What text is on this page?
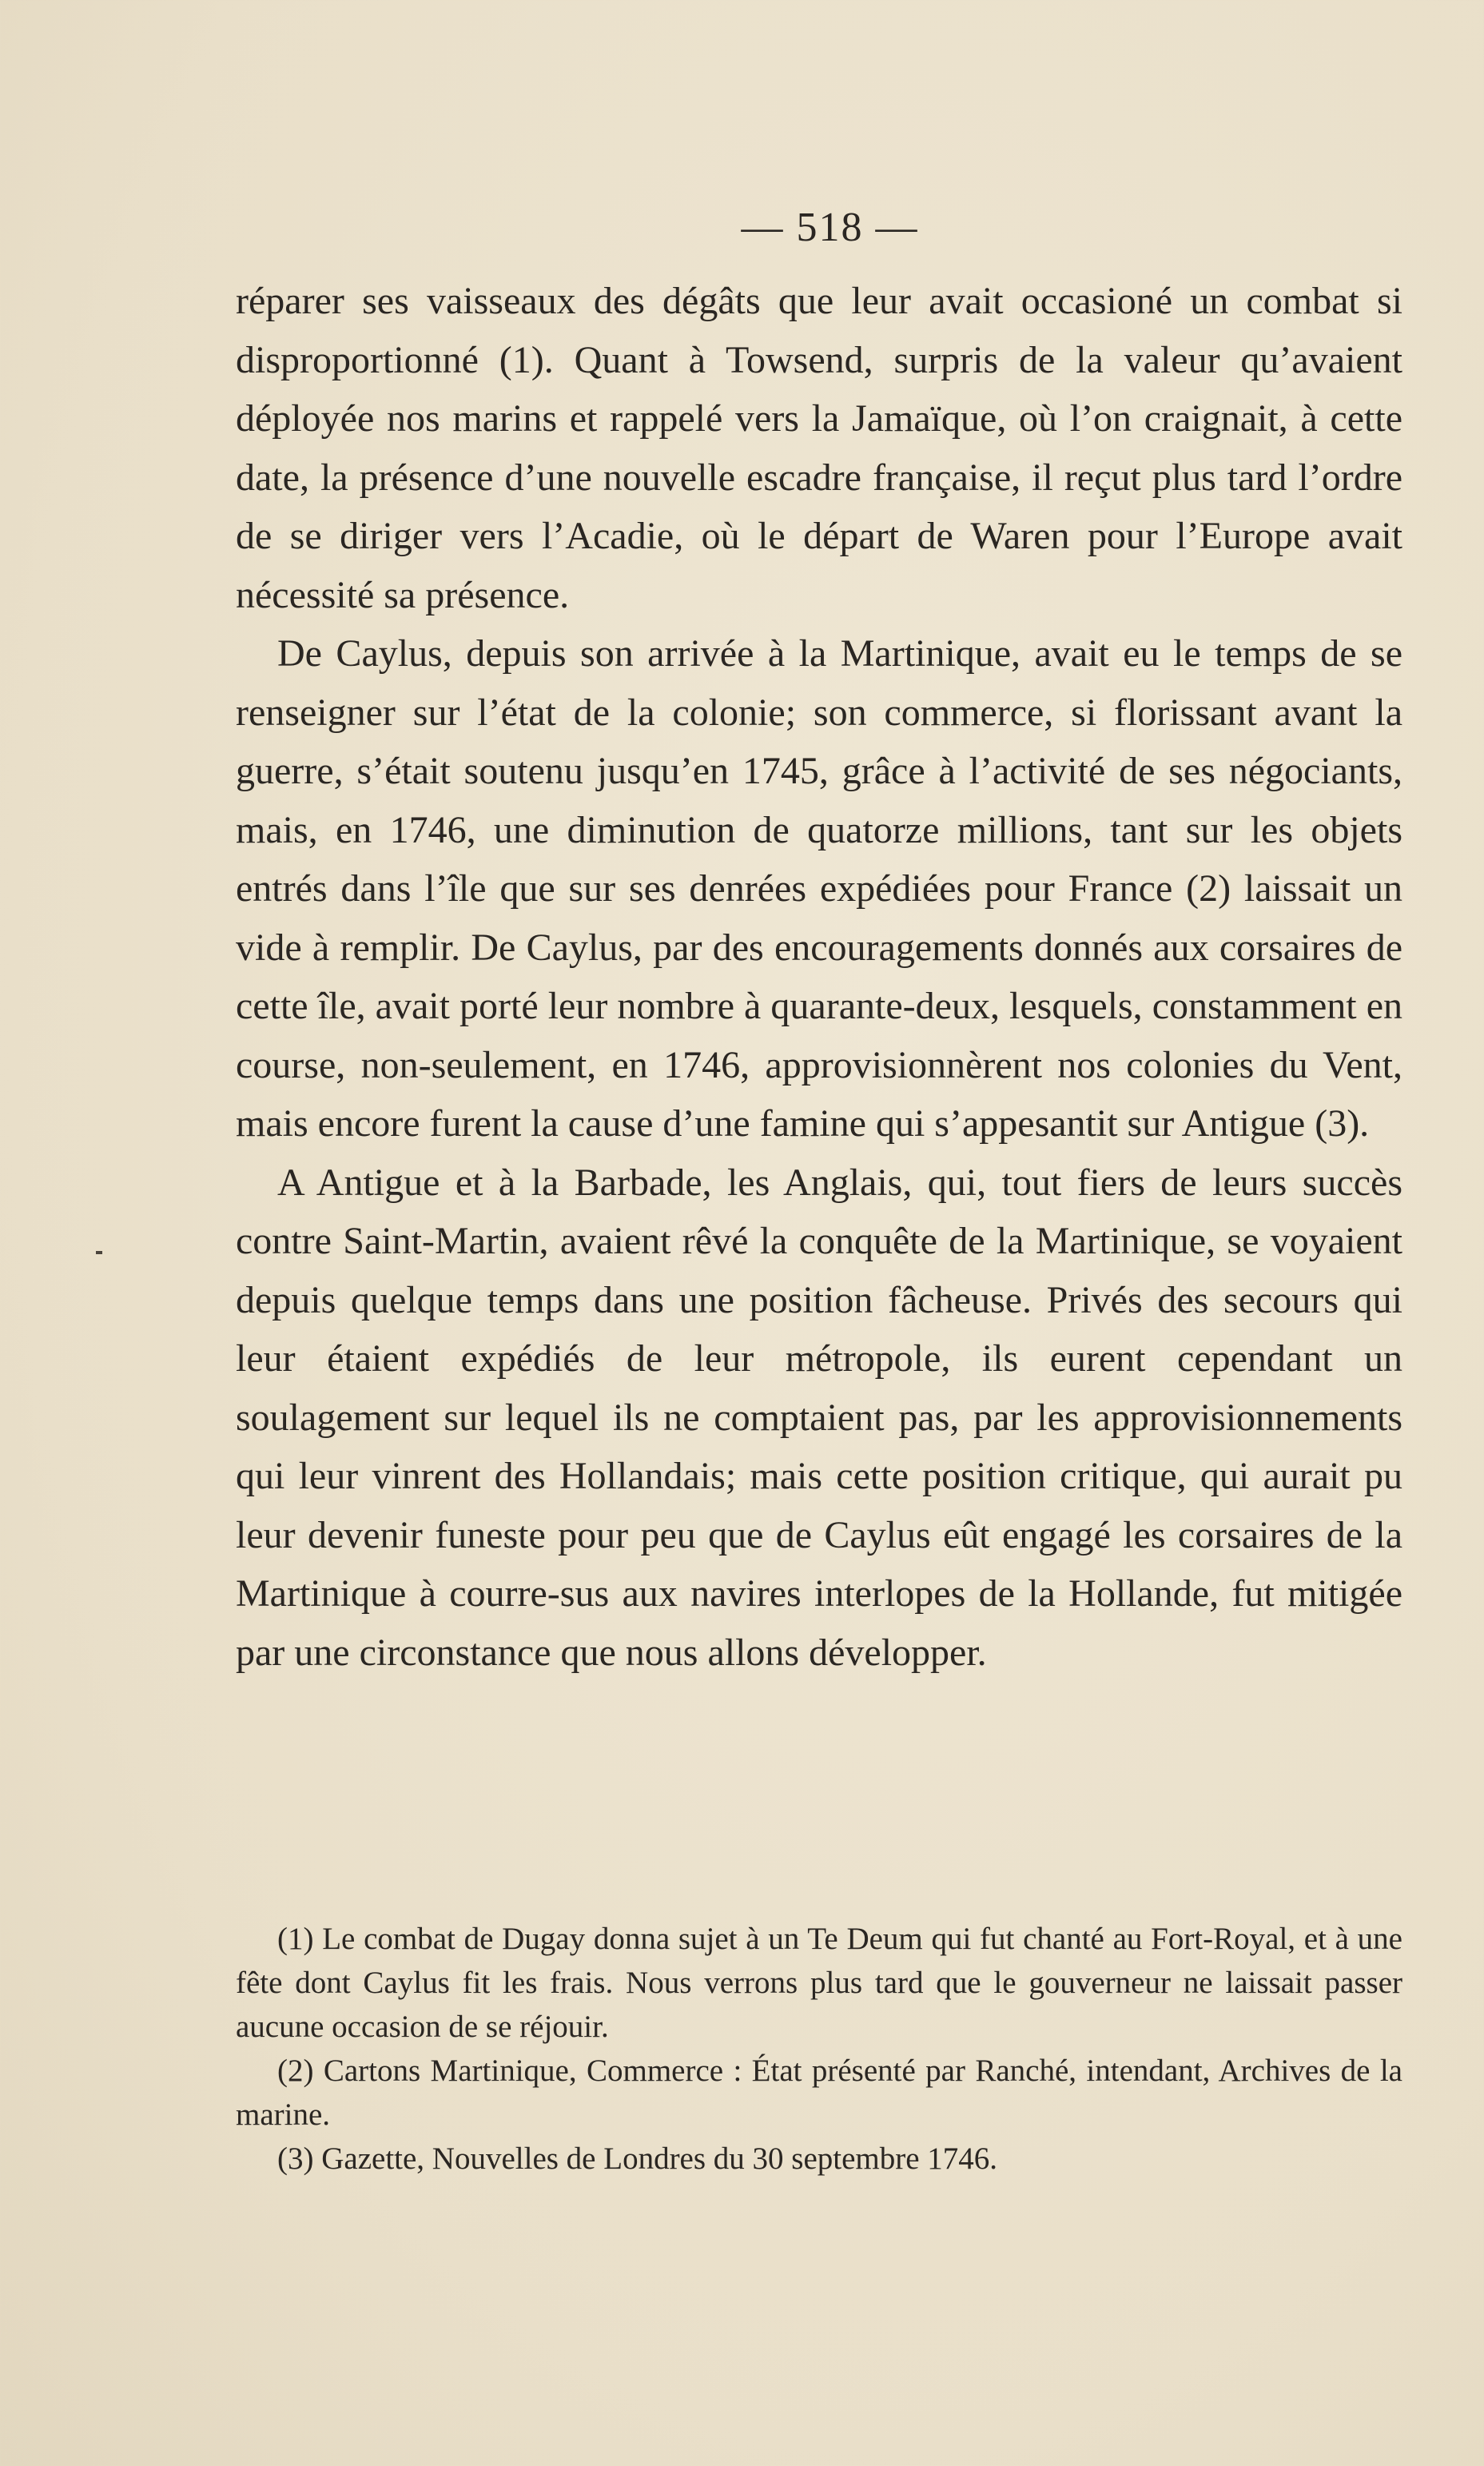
— 518 —

réparer ses vaisseaux des dégâts que leur avait occasioné un combat si disproportionné (1). Quant à Towsend, surpris de la valeur qu’avaient déployée nos marins et rappelé vers la Jamaïque, où l’on craignait, à cette date, la présence d’une nouvelle escadre française, il reçut plus tard l’ordre de se diriger vers l’Acadie, où le départ de Waren pour l’Europe avait nécessité sa présence.

De Caylus, depuis son arrivée à la Martinique, avait eu le temps de se renseigner sur l’état de la colonie; son commerce, si florissant avant la guerre, s’était soutenu jusqu’en 1745, grâce à l’activité de ses négociants, mais, en 1746, une diminution de quatorze millions, tant sur les objets entrés dans l’île que sur ses denrées expédiées pour France (2) laissait un vide à remplir. De Caylus, par des encouragements donnés aux corsaires de cette île, avait porté leur nombre à quarante-deux, lesquels, constamment en course, non-seulement, en 1746, approvisionnèrent nos colonies du Vent, mais encore furent la cause d’une famine qui s’appesantit sur Antigue (3).

A Antigue et à la Barbade, les Anglais, qui, tout fiers de leurs succès contre Saint-Martin, avaient rêvé la conquête de la Martinique, se voyaient depuis quelque temps dans une position fâcheuse. Privés des secours qui leur étaient expédiés de leur métropole, ils eurent cependant un soulagement sur lequel ils ne comptaient pas, par les approvisionnements qui leur vinrent des Hollandais; mais cette position critique, qui aurait pu leur devenir funeste pour peu que de Caylus eût engagé les corsaires de la Martinique à courre-sus aux navires interlopes de la Hollande, fut mitigée par une circonstance que nous allons développer.

(1) Le combat de Dugay donna sujet à un Te Deum qui fut chanté au Fort-Royal, et à une fête dont Caylus fit les frais. Nous verrons plus tard que le gouverneur ne laissait passer aucune occasion de se réjouir.

(2) Cartons Martinique, Commerce : État présenté par Ranché, intendant, Archives de la marine.

(3) Gazette, Nouvelles de Londres du 30 septembre 1746.
